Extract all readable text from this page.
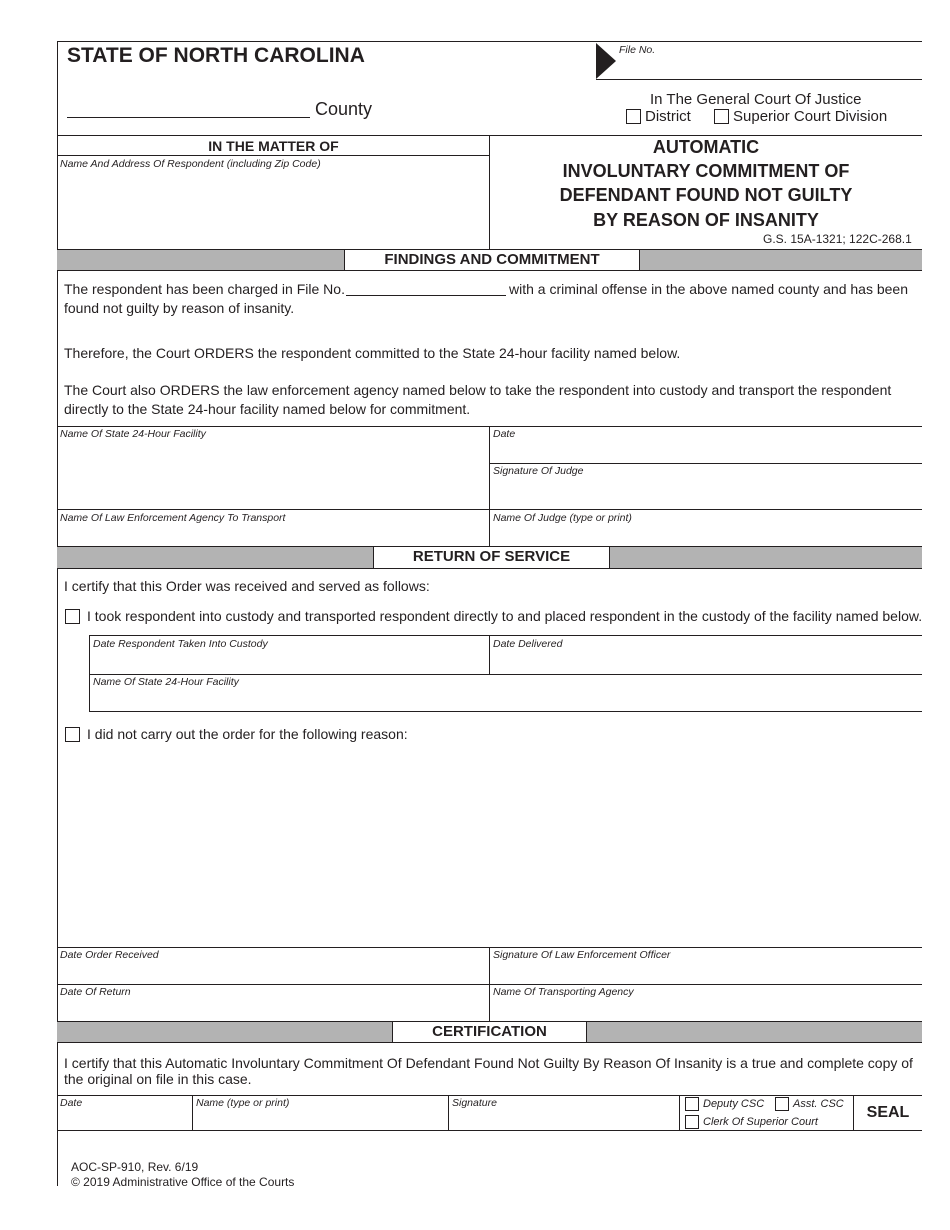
STATE OF NORTH CAROLINA	File No.
County	In The General Court Of Justice
District	Superior Court Division
IN THE MATTER OF
Name And Address Of Respondent (including Zip Code)
AUTOMATIC
INVOLUNTARY COMMITMENT OF
DEFENDANT FOUND NOT GUILTY
BY REASON OF INSANITY
G.S. 15A-1321; 122C-268.1
FINDINGS AND COMMITMENT
The respondent has been charged in File No.	with a criminal offense in the above named county and has been
found not guilty by reason of insanity.
Therefore, the Court ORDERS the respondent committed to the State 24-hour facility named below.
The Court also ORDERS the law enforcement agency named below to take the respondent into custody and transport the respondent
directly to the State 24-hour facility named below for commitment.
Name Of State 24-Hour Facility	Date
Signature Of Judge
Name Of Law Enforcement Agency To Transport	Name Of Judge (type or print)
RETURN OF SERVICE
I certify that this Order was received and served as follows:
I took respondent into custody and transported respondent directly to and placed respondent in the custody of the facility named below.
Date Respondent Taken Into Custody	Date Delivered
Name Of State 24-Hour Facility
I did not carry out the order for the following reason:
Date Order Received	Signature Of Law Enforcement Officer
Date Of Return	Name Of Transporting Agency
CERTIFICATION
I certify that this Automatic Involuntary Commitment Of Defendant Found Not Guilty By Reason Of Insanity is a true and complete copy of
the original on file in this case.
Date	Name (type or print)	Signature	Deputy CSC	Asst. CSC
Clerk Of Superior Court
SEAL
AOC-SP-910, Rev. 6/19
© 2019 Administrative Office of the Courts
